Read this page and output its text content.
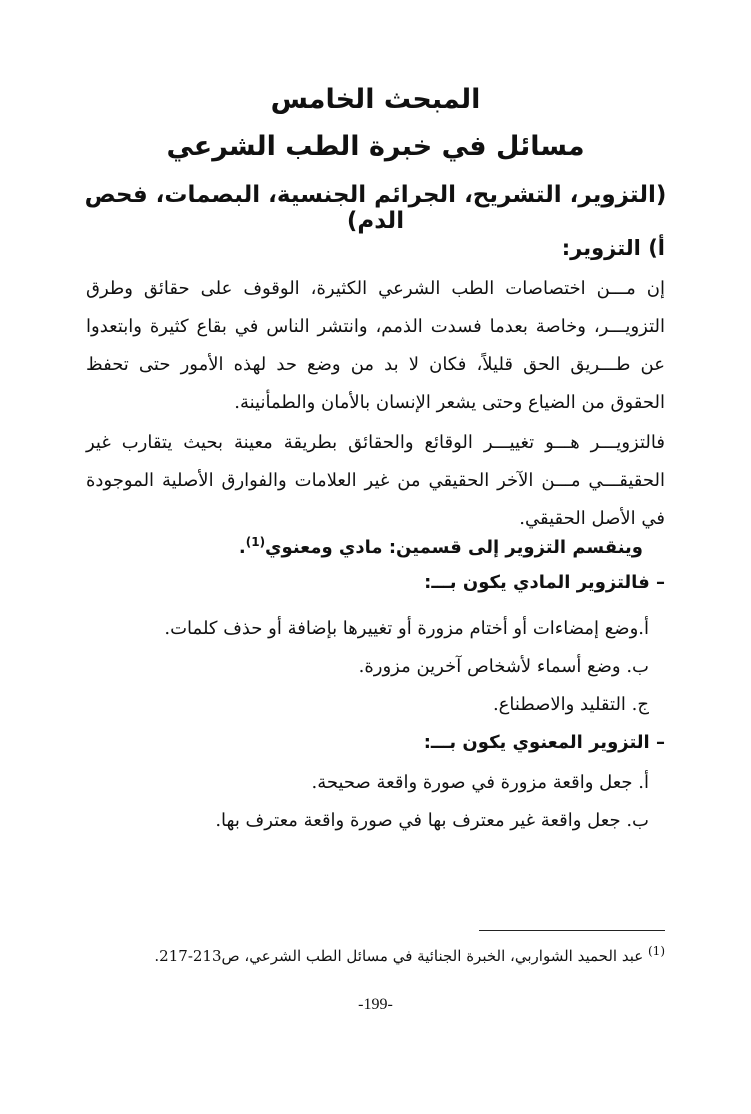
المبحث الخامس
مسائل في خبرة الطب الشرعي
(التزوير، التشريح، الجرائم الجنسية، البصمات، فحص الدم)
أ) التزوير:
إن مـــن اختصاصات الطب الشرعي الكثيرة، الوقوف على حقائق وطرق التزويـــر، وخاصة بعدما فسدت الذمم، وانتشر الناس في بقاع كثيرة وابتعدوا عن طـــريق الحق قليلاً، فكان لا بد من وضع حد لهذه الأمور حتى تحفظ الحقوق من الضياع وحتى يشعر الإنسان بالأمان والطمأنينة.
فالتزويـــر هـــو تغييـــر الوقائع والحقائق بطريقة معينة بحيث يتقارب غير الحقيقـــي مـــن الآخر الحقيقي من غير العلامات والفوارق الأصلية الموجودة في الأصل الحقيقي.
وينقسم التزوير إلى قسمين: مادي ومعنوي$^{(1)}$.
– فالتزوير المادي يكون بـــ:
أ.وضع إمضاءات أو أختام مزورة أو تغييرها بإضافة أو حذف كلمات.
ب. وضع أسماء لأشخاص آخرين مزورة.
ج. التقليد والاصطناع.
– التزوير المعنوي يكون بـــ:
أ. جعل واقعة مزورة في صورة واقعة صحيحة.
ب. جعل واقعة غير معترف بها في صورة واقعة معترف بها.
$^{(1)}$ عبد الحميد الشواربي، الخبرة الجنائية في مسائل الطب الشرعي، ص213-217.
-199-
